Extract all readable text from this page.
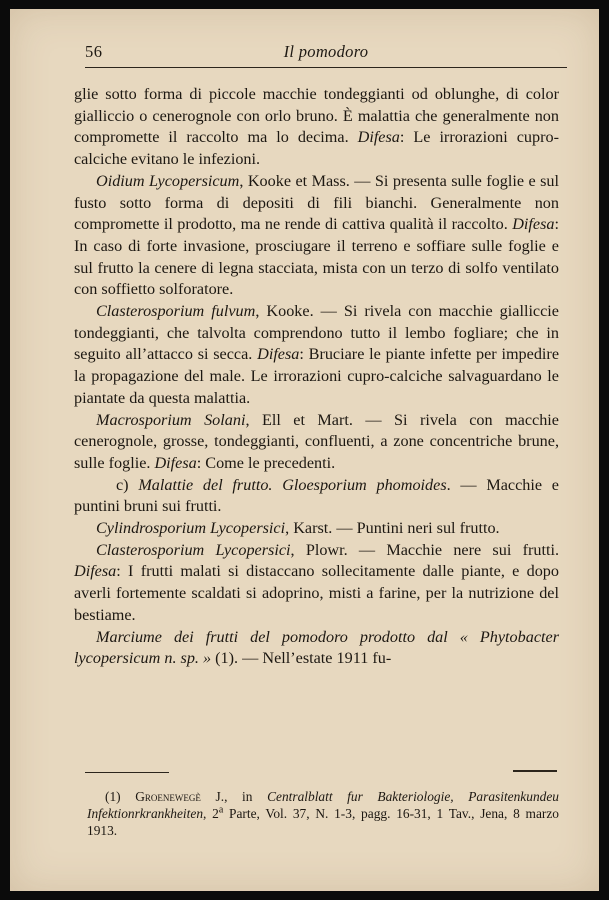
56	Il pomodoro

glie sotto forma di piccole macchie tondeggianti od oblunghe, di color gialliccio o cenerognole con orlo bruno. È malattia che generalmente non compromette il raccolto ma lo decima. Difesa: Le irrorazioni cupro-calciche evitano le infezioni.

Oidium Lycopersicum, Kooke et Mass. — Si presenta sulle foglie e sul fusto sotto forma di depositi di fili bianchi. Generalmente non compromette il prodotto, ma ne rende di cattiva qualità il raccolto. Difesa: In caso di forte invasione, prosciugare il terreno e soffiare sulle foglie e sul frutto la cenere di legna stacciata, mista con un terzo di solfo ventilato con soffietto solforatore.

Clasterosporium fulvum, Kooke. — Si rivela con macchie gialliccie tondeggianti, che talvolta comprendono tutto il lembo fogliare; che in seguito all’attacco si secca. Difesa: Bruciare le piante infette per impedire la propagazione del male. Le irrorazioni cupro-calciche salvaguardano le piantate da questa malattia.

Macrosporium Solani, Ell et Mart. — Si rivela con macchie cenerognole, grosse, tondeggianti, confluenti, a zone concentriche brune, sulle foglie. Difesa: Come le precedenti.

c) Malattie del frutto. Gloesporium phomoides. — Macchie e puntini bruni sui frutti.

Cylindrosporium Lycopersici, Karst. — Puntini neri sul frutto.

Clasterosporium Lycopersici, Plowr. — Macchie nere sui frutti. Difesa: I frutti malati si distaccano sollecitamente dalle piante, e dopo averli fortemente scaldati si adoprino, misti a farine, per la nutrizione del bestiame.

Marciume dei frutti del pomodoro prodotto dal « Phytobacter lycopersicum n. sp. » (1). — Nell’estate 1911 fu-

(1) Groenewegè J., in Centralblatt fur Bakteriologie, Parasitenkundeu Infektionrkrankheiten, 2$^a$ Parte, Vol. 37, N. 1-3, pagg. 16-31, 1 Tav., Jena, 8 marzo 1913.
